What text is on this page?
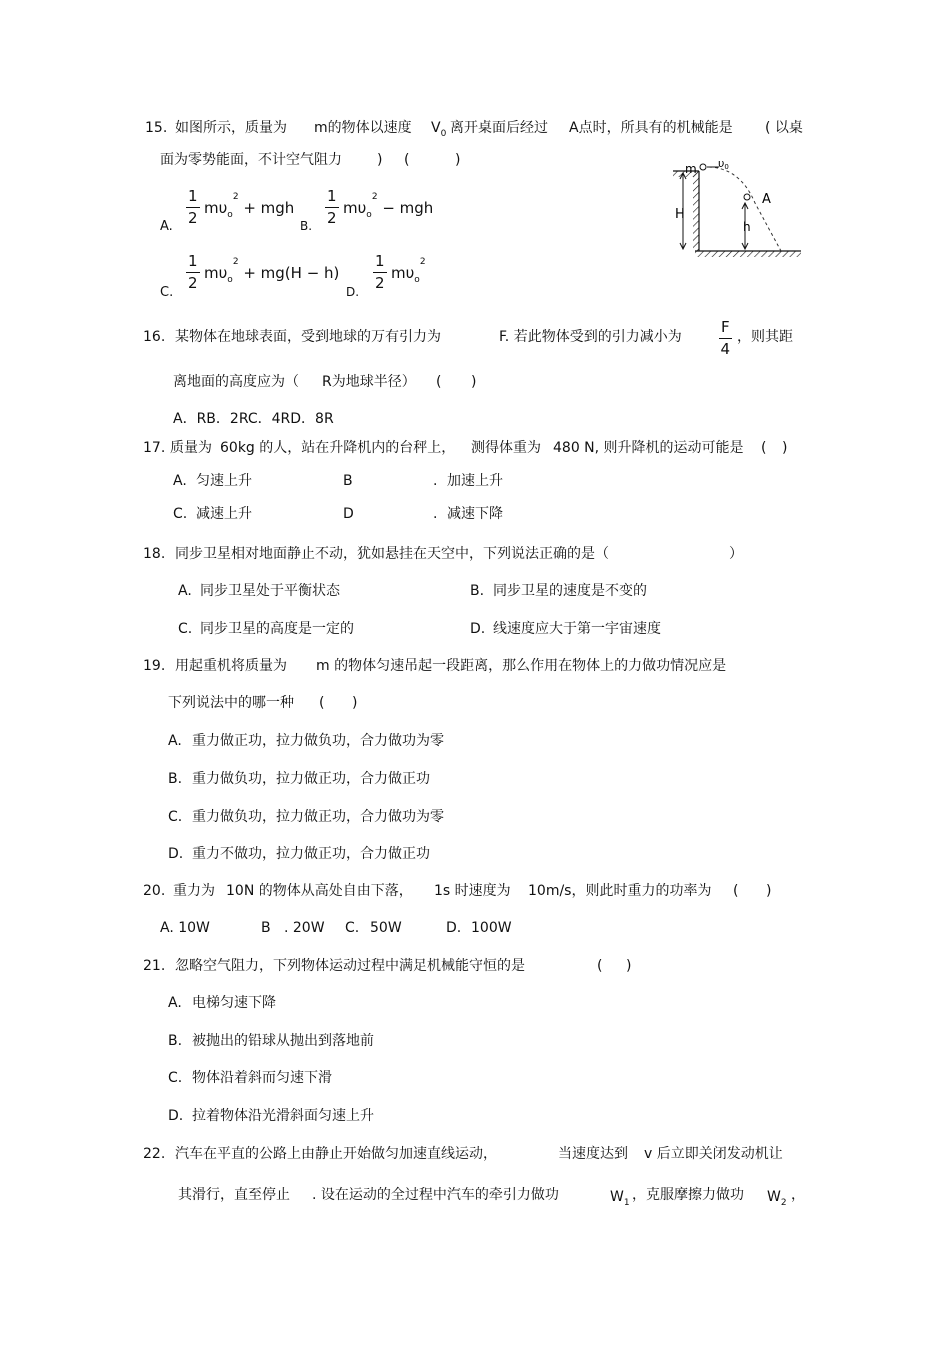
15. 如图所示，质量为 m的物体以速度 $V_0$ 离开桌面后经过 A点时，所具有的机械能是 ( 以桌
面为零势能面，不计空气阻力	) (	)
A.
1
2
$m\upsilon_o^2$ + mgh
B.
1
2
$m\upsilon_o^2$ − mgh
C.
1
2
$m\upsilon_o^2 + mg(H - h)$
D.
1
2
$m\upsilon_o^2$
m υ0
A
H
h
16. 某物体在地球表面，受到地球的万有引力为	F. 若此物体受到的引力减小为
F
4
，则其距
离地面的高度应为（ R为地球半径） ( )
A．RB．2RC．4RD．8R
17. 质量为 60kg 的人，站在升降机内的台秤上， 测得体重为 480 N, 则升降机的运动可能是 ( )
A. 匀速上升	B	. 加速上升
C. 减速上升	D	. 减速下降
18. 同步卫星相对地面静止不动，犹如悬挂在天空中，下列说法正确的是（	）
A. 同步卫星处于平衡状态	B. 同步卫星的速度是不变的
C. 同步卫星的高度是一定的	D. 线速度应大于第一宇宙速度
19. 用起重机将质量为 m 的物体匀速吊起一段距离，那么作用在物体上的力做功情况应是
下列说法中的哪一种 ( )
A. 重力做正功，拉力做负功，合力做功为零
B. 重力做负功，拉力做正功，合力做正功
C. 重力做负功，拉力做正功，合力做功为零
D. 重力不做功，拉力做正功，合力做正功
20. 重力为 10N 的物体从高处自由下落， 1s 时速度为 10m/s，则此时重力的功率为 ( )
A. 10W	B . 20W C. 50W	D. 100W
21. 忽略空气阻力，下列物体运动过程中满足机械能守恒的是	( )
A. 电梯匀速下降
B. 被抛出的铅球从抛出到落地前
C. 物体沿着斜而匀速下滑
D. 拉着物体沿光滑斜面匀速上升
22. 汽车在平直的公路上由静止开始做匀加速直线运动，	当速度达到 v 后立即关闭发动机让
其滑行，直至停止 . 设在运动的全过程中汽车的牵引力做功	$W_1$ ，克服摩擦力做功 $W_2$ ，
